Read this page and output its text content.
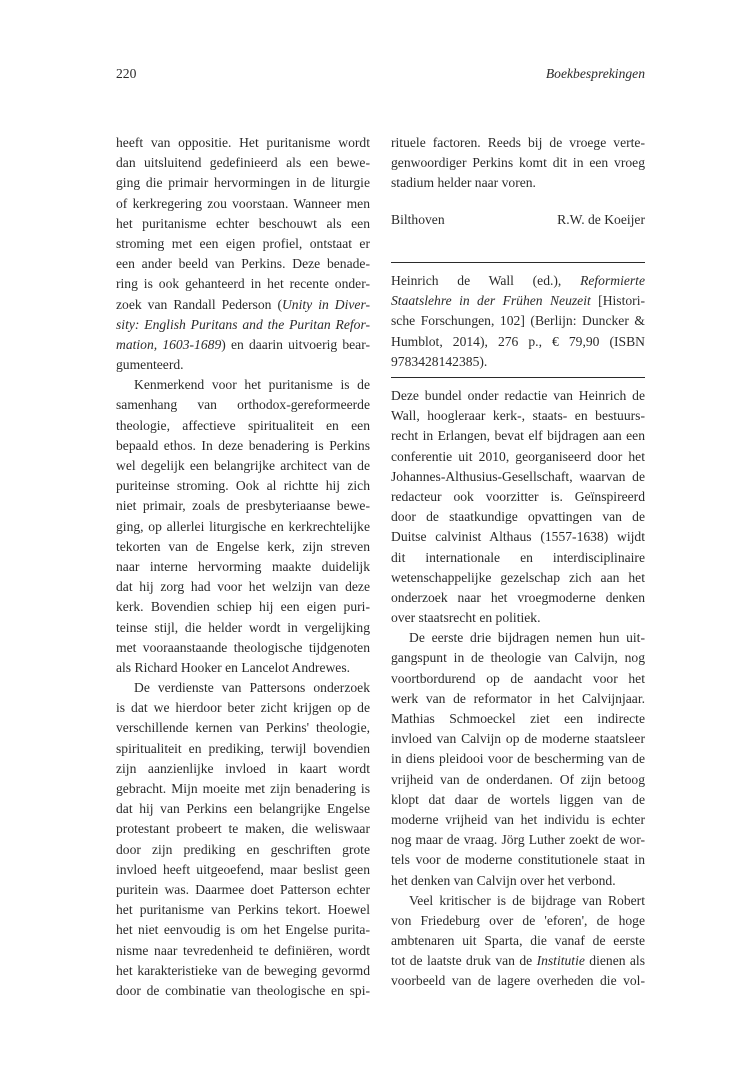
220	Boekbesprekingen
heeft van oppositie. Het puritanisme wordt
dan uitsluitend gedefinieerd als een bewe-
ging die primair hervormingen in de liturgie
of kerkregering zou voorstaan. Wanneer men
het puritanisme echter beschouwt als een
stroming met een eigen profiel, ontstaat er
een ander beeld van Perkins. Deze benade-
ring is ook gehanteerd in het recente onder-
zoek van Randall Pederson (Unity in Diver-
sity: English Puritans and the Puritan Refor-
mation, 1603-1689) en daarin uitvoerig bear-
gumenteerd.
Kenmerkend voor het puritanisme is de
samenhang van orthodox-gereformeerde
theologie, affectieve spiritualiteit en een
bepaald ethos. In deze benadering is Perkins
wel degelijk een belangrijke architect van de
puriteinse stroming. Ook al richtte hij zich
niet primair, zoals de presbyteriaanse bewe-
ging, op allerlei liturgische en kerkrechtelijke
tekorten van de Engelse kerk, zijn streven
naar interne hervorming maakte duidelijk
dat hij zorg had voor het welzijn van deze
kerk. Bovendien schiep hij een eigen puri-
teinse stijl, die helder wordt in vergelijking
met vooraanstaande theologische tijdgenoten
als Richard Hooker en Lancelot Andrewes.
De verdienste van Pattersons onderzoek
is dat we hierdoor beter zicht krijgen op de
verschillende kernen van Perkins' theologie,
spiritualiteit en prediking, terwijl bovendien
zijn aanzienlijke invloed in kaart wordt
gebracht. Mijn moeite met zijn benadering is
dat hij van Perkins een belangrijke Engelse
protestant probeert te maken, die weliswaar
door zijn prediking en geschriften grote
invloed heeft uitgeoefend, maar beslist geen
puritein was. Daarmee doet Patterson echter
het puritanisme van Perkins tekort. Hoewel
het niet eenvoudig is om het Engelse purita-
nisme naar tevredenheid te definiëren, wordt
het karakteristieke van de beweging gevormd
door de combinatie van theologische en spi-
rituele factoren. Reeds bij de vroege verte-
genwoordiger Perkins komt dit in een vroeg
stadium helder naar voren.
Bilthoven	R.W. de Koeijer
Heinrich de Wall (ed.), Reformierte
Staatslehre in der Frühen Neuzeit [Histori-
sche Forschungen, 102] (Berlijn: Duncker &
Humblot, 2014), 276 p., € 79,90 (ISBN
9783428142385).
Deze bundel onder redactie van Heinrich de
Wall, hoogleraar kerk-, staats- en bestuurs-
recht in Erlangen, bevat elf bijdragen aan een
conferentie uit 2010, georganiseerd door het
Johannes-Althusius-Gesellschaft, waarvan de
redacteur ook voorzitter is. Geïnspireerd
door de staatkundige opvattingen van de
Duitse calvinist Althaus (1557-1638) wijdt
dit internationale en interdisciplinaire
wetenschappelijke gezelschap zich aan het
onderzoek naar het vroegmoderne denken
over staatsrecht en politiek.
De eerste drie bijdragen nemen hun uit-
gangspunt in de theologie van Calvijn, nog
voortbordurend op de aandacht voor het
werk van de reformator in het Calvijnjaar.
Mathias Schmoeckel ziet een indirecte
invloed van Calvijn op de moderne staatsleer
in diens pleidooi voor de bescherming van de
vrijheid van de onderdanen. Of zijn betoog
klopt dat daar de wortels liggen van de
moderne vrijheid van het individu is echter
nog maar de vraag. Jörg Luther zoekt de wor-
tels voor de moderne constitutionele staat in
het denken van Calvijn over het verbond.
Veel kritischer is de bijdrage van Robert
von Friedeburg over de 'eforen', de hoge
ambtenaren uit Sparta, die vanaf de eerste
tot de laatste druk van de Institutie dienen als
voorbeeld van de lagere overheden die vol-
